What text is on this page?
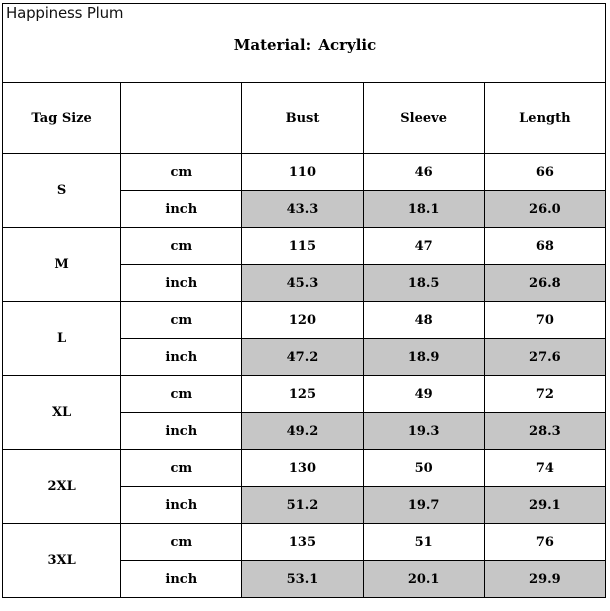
Happiness Plum
Material: Acrylic
Tag Size		Bust	Sleeve	Length
S	cm	110	46	66
	inch	43.3	18.1	26.0
M	cm	115	47	68
	inch	45.3	18.5	26.8
L	cm	120	48	70
	inch	47.2	18.9	27.6
XL	cm	125	49	72
	inch	49.2	19.3	28.3
2XL	cm	130	50	74
	inch	51.2	19.7	29.1
3XL	cm	135	51	76
	inch	53.1	20.1	29.9
